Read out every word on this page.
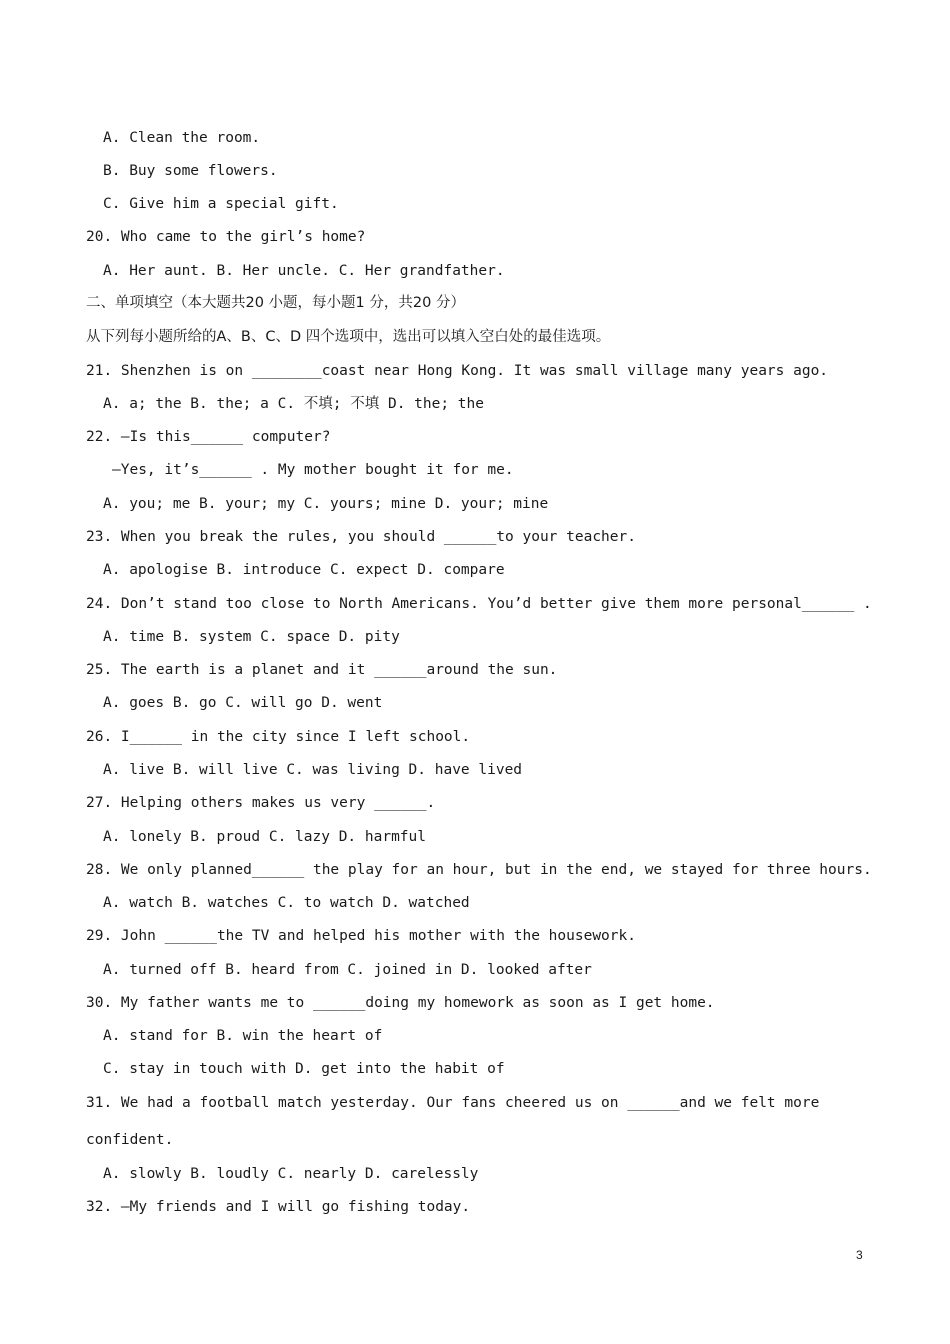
A. Clean the room.
B. Buy some flowers.
C. Give him a special gift.
20. Who came to the girl’s home?
A. Her aunt. B. Her uncle. C. Her grandfather.
二、单项填空（本大题共20 小题，每小题1 分，共20 分）
从下列每小题所给的A、B、C、D 四个选项中，选出可以填入空白处的最佳选项。
21. Shenzhen is on ________coast near Hong Kong. It was small village many years ago.
A. a; the B. the; a C. 不填; 不填 D. the; the
22. —Is this______ computer?
—Yes, it’s______ . My mother bought it for me.
A. you; me B. your; my C. yours; mine D. your; mine
23. When you break the rules, you should ______to your teacher.
A. apologise B. introduce C. expect D. compare
24. Don’t stand too close to North Americans. You’d better give them more personal______ .
A. time B. system C. space D. pity
25. The earth is a planet and it ______around the sun.
A. goes B. go C. will go D. went
26. I______ in the city since I left school.
A. live B. will live C. was living D. have lived
27. Helping others makes us very ______.
A. lonely B. proud C. lazy D. harmful
28. We only planned______ the play for an hour, but in the end, we stayed for three hours.
A. watch B. watches C. to watch D. watched
29. John ______the TV and helped his mother with the housework.
A. turned off B. heard from C. joined in D. looked after
30. My father wants me to ______doing my homework as soon as I get home.
A. stand for B. win the heart of
C. stay in touch with D. get into the habit of
31. We had a football match yesterday. Our fans cheered us on ______and we felt more
confident.
A. slowly B. loudly C. nearly D. carelessly
32. —My friends and I will go fishing today.
3
